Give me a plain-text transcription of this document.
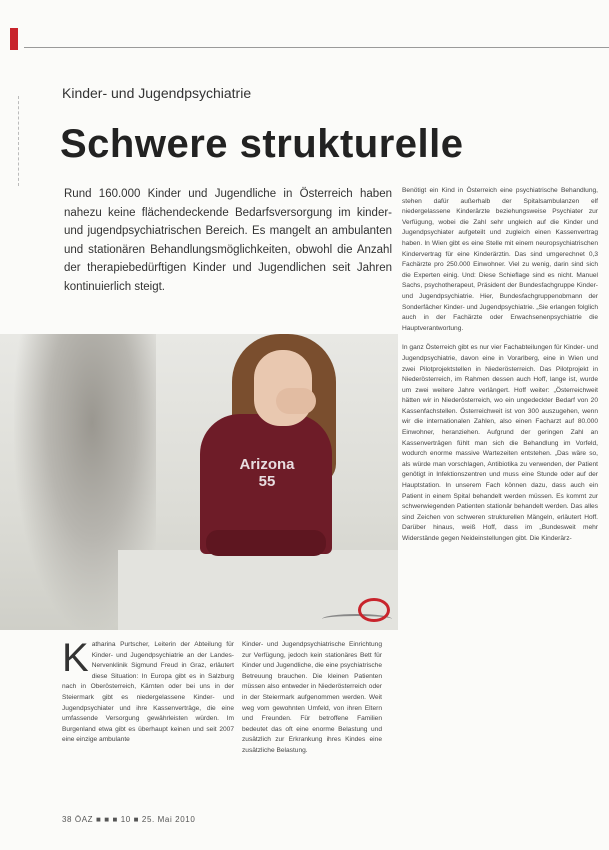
Kinder- und Jugendpsychiatrie
Schwere strukturelle
Rund 160.000 Kinder und Jugendliche in Österreich haben nahezu keine flächendeckende Bedarfsversorgung im kinder- und jugendpsychiatrischen Bereich. Es mangelt an ambulanten und stationären Behandlungsmöglichkeiten, obwohl die Anzahl der therapiebedürftigen Kinder und Jugendlichen seit Jahren kontinuierlich steigt.
Arizona
55
Katharina Purtscher, Leiterin der Abteilung für Kinder- und Jugendpsychiatrie an der Landes-Nervenklinik Sigmund Freud in Graz, erläutert diese Situation: In Europa gibt es in Salzburg nach in Oberösterreich, Kärnten oder bei uns in der Steiermark gibt es niedergelassene Kinder- und Jugendpsychiater und ihre Kassenverträge, die eine umfassende Versorgung gewährleisten würden. Im Burgenland etwa gibt es überhaupt keinen und seit 2007 eine einzige ambulante

Kinder- und Jugendpsychiatrische Einrichtung zur Verfügung, jedoch kein stationäres Bett für Kinder und Jugendliche, die eine psychiatrische Betreuung brauchen. Die kleinen Patienten müssen also entweder in Niederösterreich oder in der Steiermark aufgenommen werden. Weit weg vom gewohnten Umfeld, von ihren Eltern und Freunden. Für betroffene Familien bedeutet das oft eine enorme Belastung und zusätzlich zur Erkrankung ihres Kindes eine zusätzliche Belastung.

Benötigt ein Kind in Österreich eine psychiatrische Behandlung, stehen dafür außerhalb der Spitalsambulanzen elf niedergelassene Kinderärzte beziehungsweise Psychiater zur Verfügung, wobei die Zahl sehr ungleich auf die Kinder und Jugendpsychiater aufgeteilt und zugleich einen Kassenvertrag haben. In Wien gibt es eine Stelle mit einem neuropsychiatrischen Kindervertrag für eine Kinderärztin. Das sind umgerechnet 0,3 Fachärzte pro 250.000 Einwohner. Viel zu wenig, darin sind sich die Experten einig. Und: Diese Schieflage sind es nicht. Manuel Sachs, psychotherapeut, Präsident der Bundesfachgruppe Kinder- und Jugendpsychiatrie. Hier, Bundesfachgruppenobmann der Sonderfächer Kinder- und Jugendpsychiatrie. „Sie erlangen folglich auch in der Fachärzte oder Erwachsenenpsychiatrie die Hauptverantwortung.

In ganz Österreich gibt es nur vier Fachabteilungen für Kinder- und Jugendpsychiatrie, davon eine in Vorarlberg, eine in Wien und zwei Pilotprojektstellen in Niederösterreich. Das Pilotprojekt in Niederösterreich, im Rahmen dessen auch Hoff, lange ist, wurde um zwei weitere Jahre verlängert. Hoff weiter: „Österreichweit hätten wir in Niederösterreich, wo ein ungedeckter Bedarf von 20 Kassenfachstellen. Österreichweit ist von 300 auszugehen, wenn wir die internationalen Zahlen, also einen Facharzt auf 80.000 Einwohner, heranziehen. Aufgrund der geringen Zahl an Kassenverträgen fühlt man sich die Behandlung im Vorfeld, wodurch enorme massive Wartezeiten entstehen. „Das wäre so, als würde man vorschlagen, Antibiotika zu verwenden, der Patient genötigt in Infektionszentren und muss eine Stunde oder auf der Hauptstation. In unserem Fach können dazu, dass auch ein Patient in einem Spital behandelt werden müssen. Es kommt zur schwerwiegenden Patienten stationär behandelt werden. Das alles sind Zeichen von schweren strukturellen Mängeln, erläutert Hoff. Darüber hinaus, weiß Hoff, dass im „Bundesweit mehr Widerstände gegen Neideinstellungen gibt. Die Kinderärz-

38 ÖAZ ■ ■ ■ 10 ■ 25. Mai 2010
